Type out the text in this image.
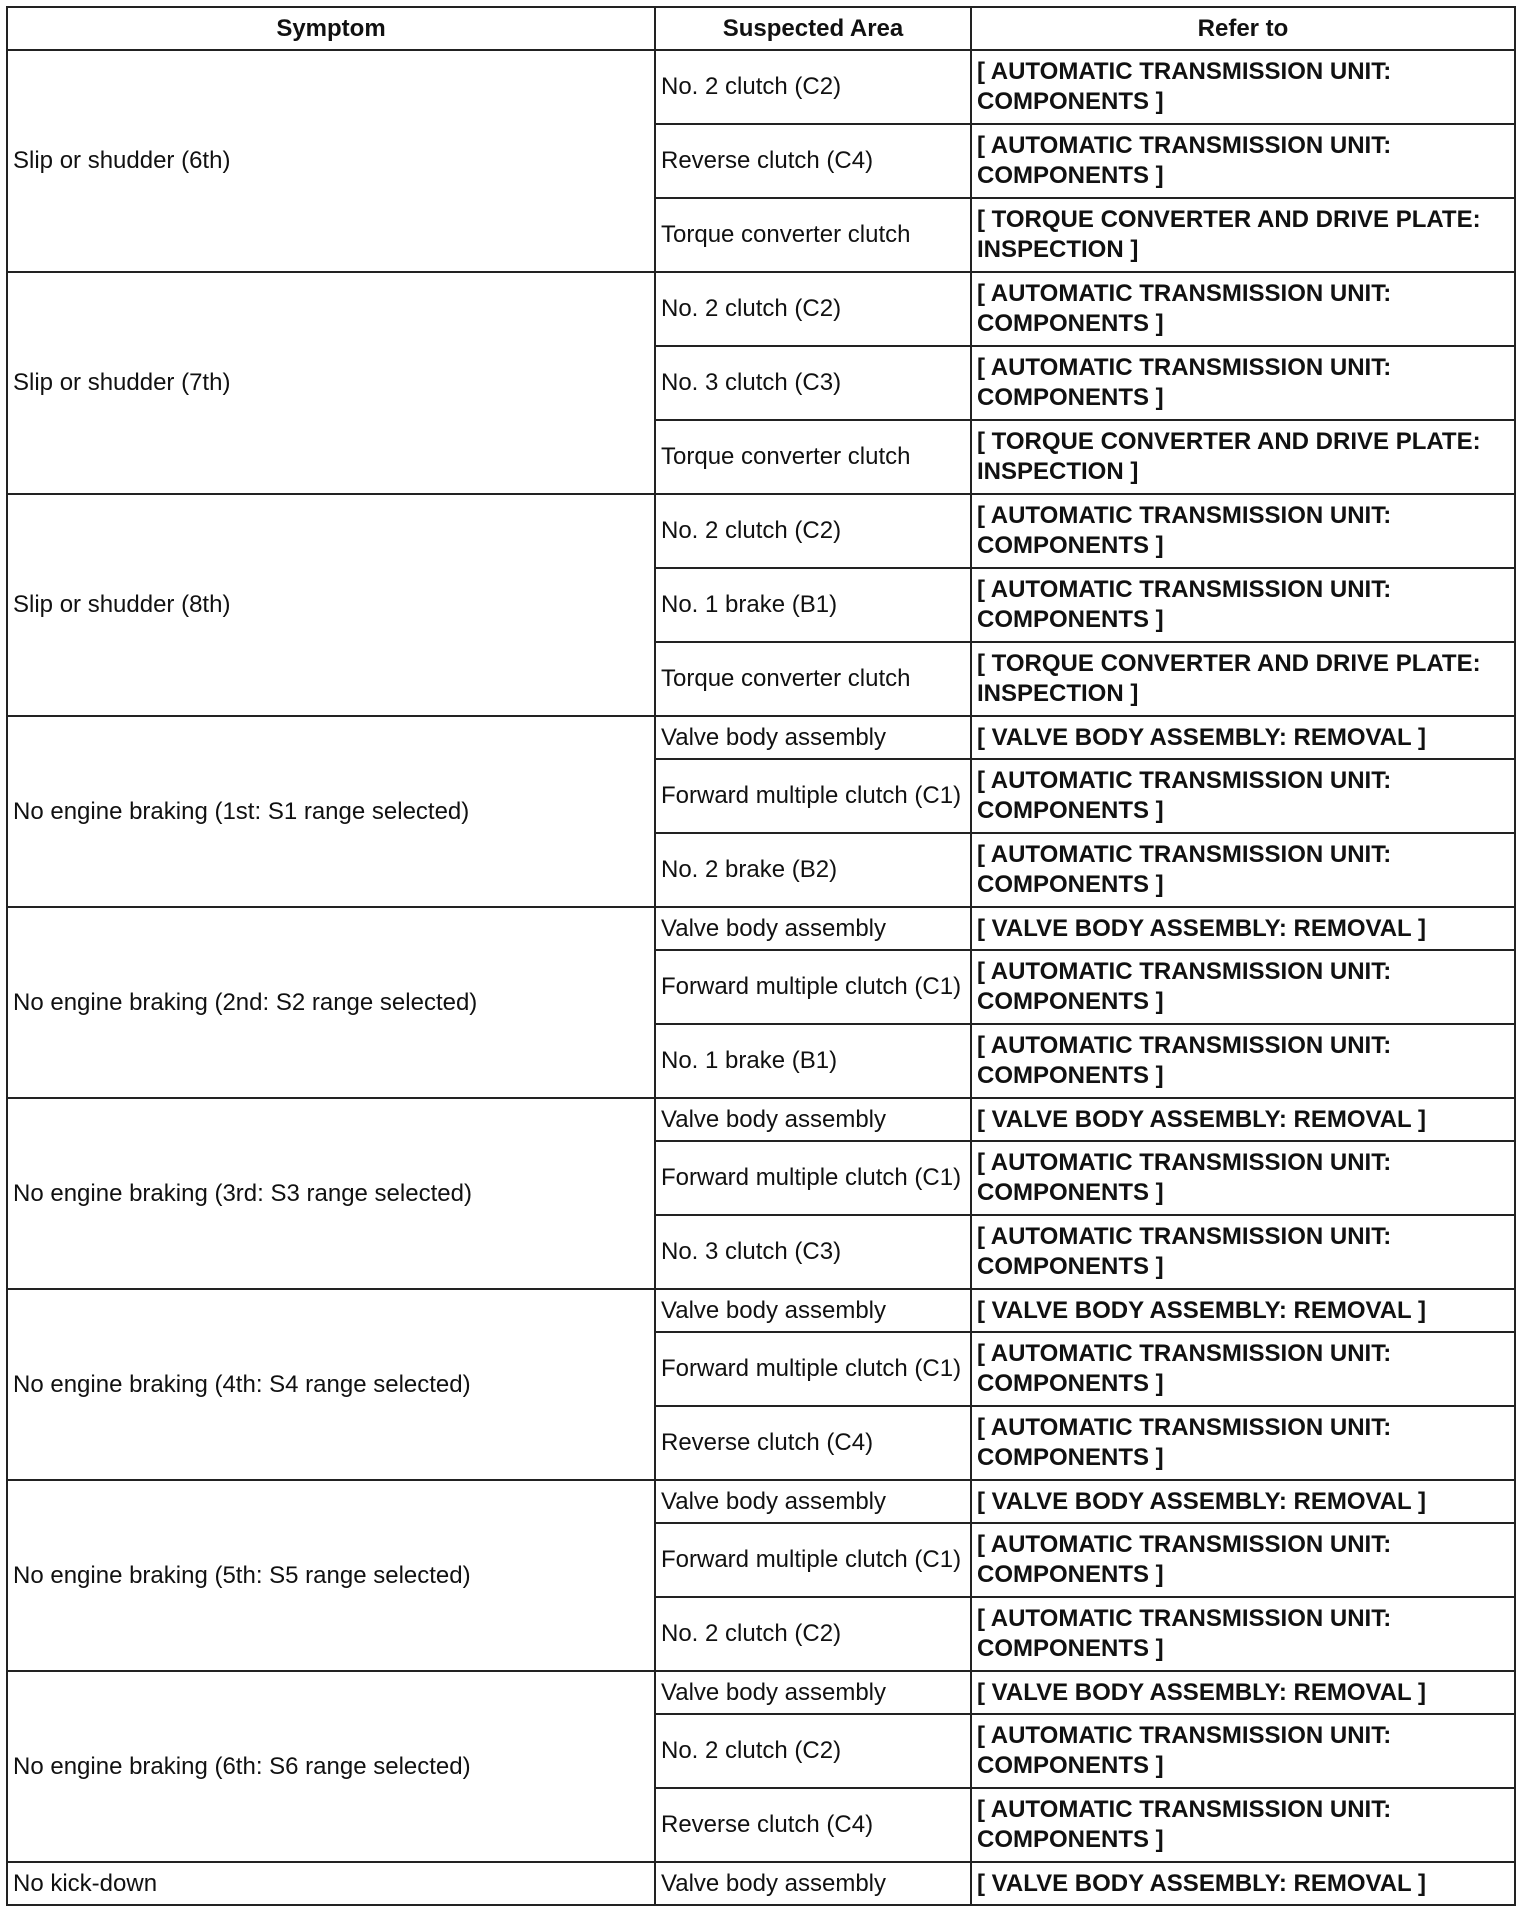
Symptom	Suspected Area	Refer to
Slip or shudder (6th)	No. 2 clutch (C2)	[ AUTOMATIC TRANSMISSION UNIT: COMPONENTS ]
	Reverse clutch (C4)	[ AUTOMATIC TRANSMISSION UNIT: COMPONENTS ]
	Torque converter clutch	[ TORQUE CONVERTER AND DRIVE PLATE: INSPECTION ]
Slip or shudder (7th)	No. 2 clutch (C2)	[ AUTOMATIC TRANSMISSION UNIT: COMPONENTS ]
	No. 3 clutch (C3)	[ AUTOMATIC TRANSMISSION UNIT: COMPONENTS ]
	Torque converter clutch	[ TORQUE CONVERTER AND DRIVE PLATE: INSPECTION ]
Slip or shudder (8th)	No. 2 clutch (C2)	[ AUTOMATIC TRANSMISSION UNIT: COMPONENTS ]
	No. 1 brake (B1)	[ AUTOMATIC TRANSMISSION UNIT: COMPONENTS ]
	Torque converter clutch	[ TORQUE CONVERTER AND DRIVE PLATE: INSPECTION ]
No engine braking (1st: S1 range selected)	Valve body assembly	[ VALVE BODY ASSEMBLY: REMOVAL ]
	Forward multiple clutch (C1)	[ AUTOMATIC TRANSMISSION UNIT: COMPONENTS ]
	No. 2 brake (B2)	[ AUTOMATIC TRANSMISSION UNIT: COMPONENTS ]
No engine braking (2nd: S2 range selected)	Valve body assembly	[ VALVE BODY ASSEMBLY: REMOVAL ]
	Forward multiple clutch (C1)	[ AUTOMATIC TRANSMISSION UNIT: COMPONENTS ]
	No. 1 brake (B1)	[ AUTOMATIC TRANSMISSION UNIT: COMPONENTS ]
No engine braking (3rd: S3 range selected)	Valve body assembly	[ VALVE BODY ASSEMBLY: REMOVAL ]
	Forward multiple clutch (C1)	[ AUTOMATIC TRANSMISSION UNIT: COMPONENTS ]
	No. 3 clutch (C3)	[ AUTOMATIC TRANSMISSION UNIT: COMPONENTS ]
No engine braking (4th: S4 range selected)	Valve body assembly	[ VALVE BODY ASSEMBLY: REMOVAL ]
	Forward multiple clutch (C1)	[ AUTOMATIC TRANSMISSION UNIT: COMPONENTS ]
	Reverse clutch (C4)	[ AUTOMATIC TRANSMISSION UNIT: COMPONENTS ]
No engine braking (5th: S5 range selected)	Valve body assembly	[ VALVE BODY ASSEMBLY: REMOVAL ]
	Forward multiple clutch (C1)	[ AUTOMATIC TRANSMISSION UNIT: COMPONENTS ]
	No. 2 clutch (C2)	[ AUTOMATIC TRANSMISSION UNIT: COMPONENTS ]
No engine braking (6th: S6 range selected)	Valve body assembly	[ VALVE BODY ASSEMBLY: REMOVAL ]
	No. 2 clutch (C2)	[ AUTOMATIC TRANSMISSION UNIT: COMPONENTS ]
	Reverse clutch (C4)	[ AUTOMATIC TRANSMISSION UNIT: COMPONENTS ]
No kick-down	Valve body assembly	[ VALVE BODY ASSEMBLY: REMOVAL ]
